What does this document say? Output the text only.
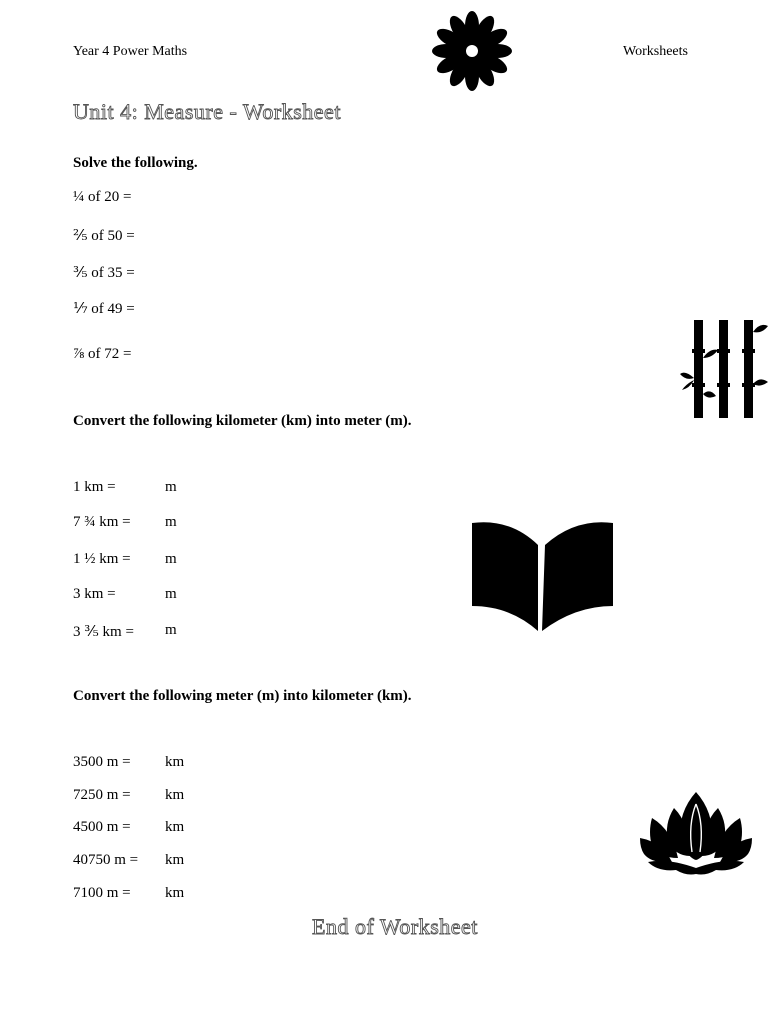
Year 4 Power Maths	Worksheets
Unit 4: Measure - Worksheet
Solve the following.
¼ of 20 =
⅖ of 50 =
⅗ of 35 =
⅐ of 49 =
⅞ of 72 =
Convert the following kilometer (km) into meter (m).
1 km =	m
7 ¾ km = m
1 ½ km = m
3 km =	m
3 ⅗ km = m
Convert the following meter (m) into kilometer (km).
3500 m = km
7250 m = km
4500 m = km
40750 m = km
7100 m = km
End of Worksheet
